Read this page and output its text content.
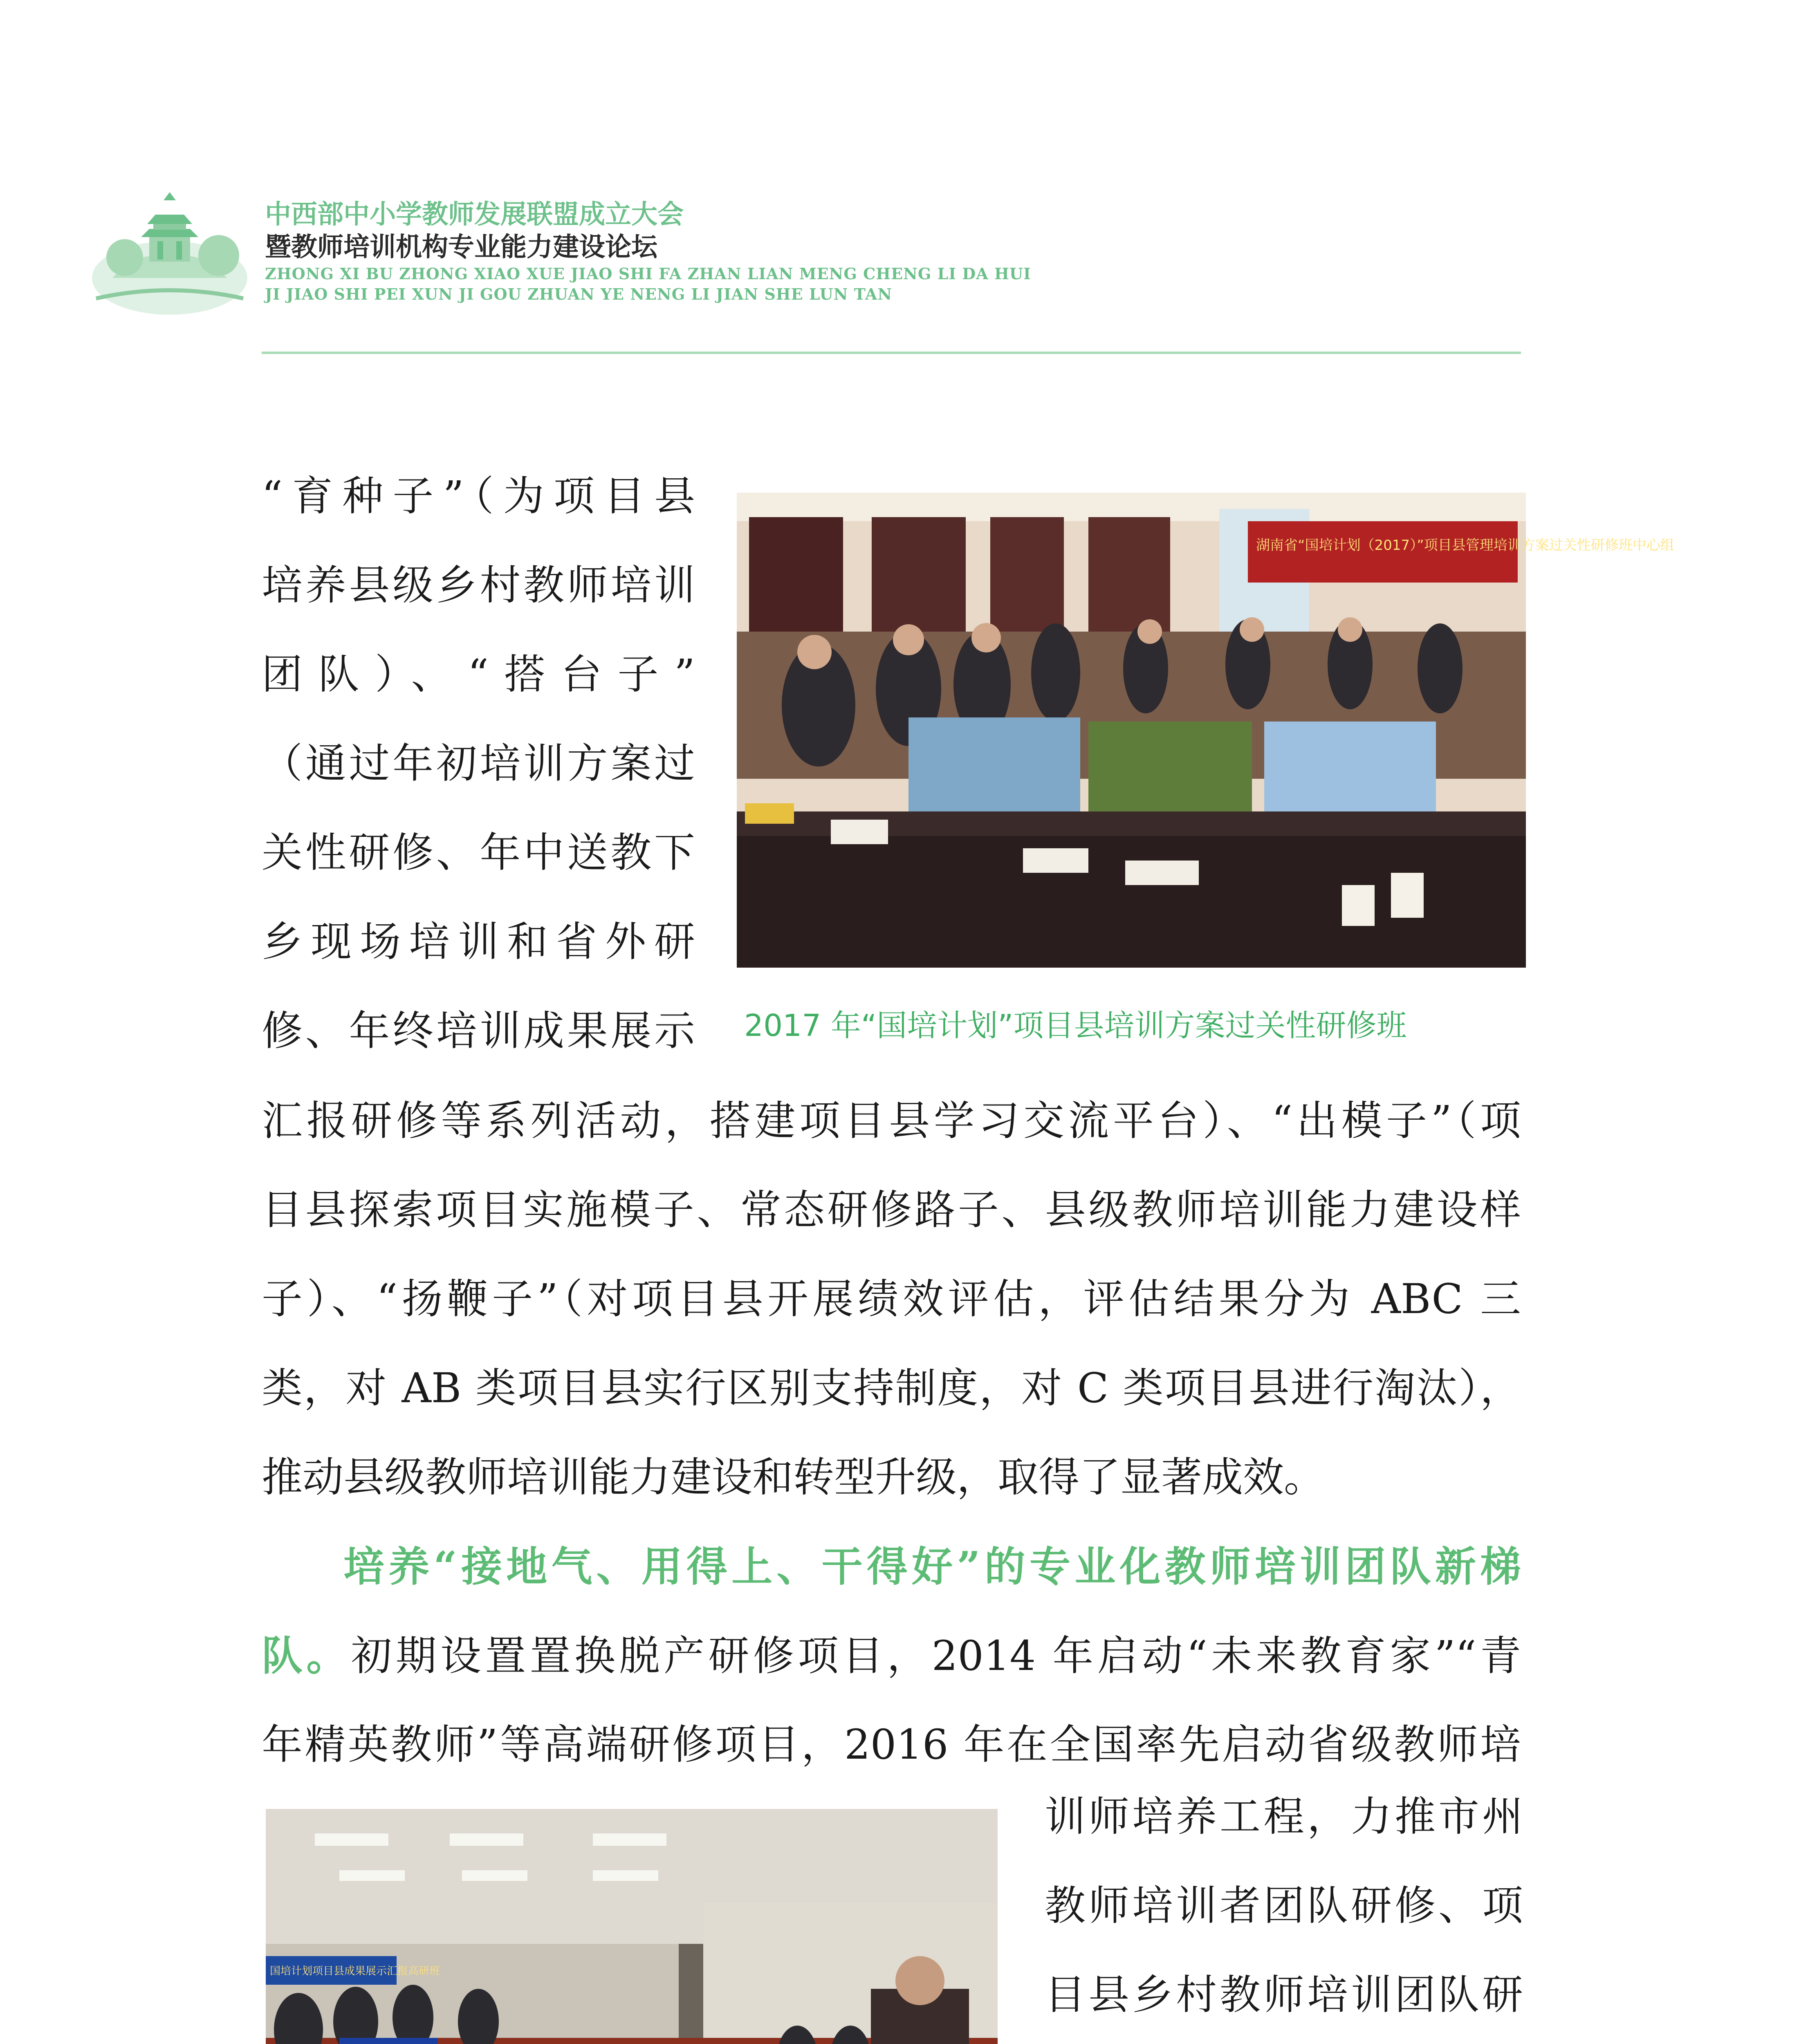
中西部中小学教师发展联盟成立大会
暨教师培训机构专业能力建设论坛
ZHONG XI BU ZHONG XIAO XUE JIAO SHI FA ZHAN LIAN MENG CHENG LI DA HUI
JI JIAO SHI PEI XUN JI GOU ZHUAN YE NENG LI JIAN SHE LUN TAN
“育种子”（为项目县
培养县级乡村教师培训
团队）、“搭台子”
（通过年初培训方案过
关性研修、年中送教下
乡现场培训和省外研
修、年终培训成果展示
湖南省“国培计划（2017）”项目县管理培训方案过关性研修班中心组
2017 年“国培计划”项目县培训方案过关性研修班
汇报研修等系列活动，搭建项目县学习交流平台）、“出模子”（项
目县探索项目实施模子、常态研修路子、县级教师培训能力建设样
子）、“扬鞭子”（对项目县开展绩效评估，评估结果分为 ABC 三
类，对 AB 类项目县实行区别支持制度，对 C 类项目县进行淘汰），
推动县级教师培训能力建设和转型升级，取得了显著成效。
培养“接地气、用得上、干得好”的专业化教师培训团队新梯
队。初期设置置换脱产研修项目，2014 年启动“未来教育家”“青
年精英教师”等高端研修项目，2016 年在全国率先启动省级教师培
国培计划项目县成果展示汇报高研班
训师培养工程，力推市州
教师培训者团队研修、项
目县乡村教师培训团队研
